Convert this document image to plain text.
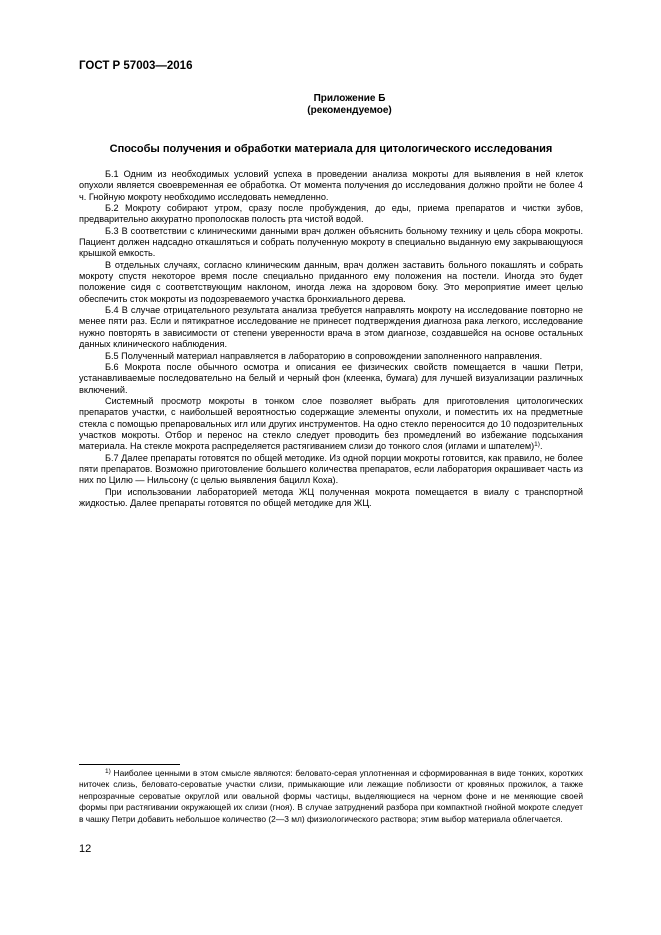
ГОСТ Р 57003—2016
Приложение Б
(рекомендуемое)
Способы получения и обработки материала для цитологического исследования

Б.1 Одним из необходимых условий успеха в проведении анализа мокроты для выявления в ней клеток опухоли является своевременная ее обработка. От момента получения до исследования должно пройти не более 4 ч. Гнойную мокроту необходимо исследовать немедленно.

Б.2 Мокроту собирают утром, сразу после пробуждения, до еды, приема препаратов и чистки зубов, предварительно аккуратно прополоскав полость рта чистой водой.

Б.3 В соответствии с клиническими данными врач должен объяснить больному технику и цель сбора мокроты. Пациент должен надсадно откашляться и собрать полученную мокроту в специально выданную ему закрывающуюся крышкой емкость.

В отдельных случаях, согласно клиническим данным, врач должен заставить больного покашлять и собрать мокроту спустя некоторое время после специально приданного ему положения на постели. Иногда это будет положение сидя с соответствующим наклоном, иногда лежа на здоровом боку. Это мероприятие имеет целью обеспечить сток мокроты из подозреваемого участка бронхиального дерева.

Б.4 В случае отрицательного результата анализа требуется направлять мокроту на исследование повторно не менее пяти раз. Если и пятикратное исследование не принесет подтверждения диагноза рака легкого, исследование нужно повторять в зависимости от степени уверенности врача в этом диагнозе, создавшейся на основе остальных данных клинического наблюдения.

Б.5 Полученный материал направляется в лабораторию в сопровождении заполненного направления.

Б.6 Мокрота после обычного осмотра и описания ее физических свойств помещается в чашки Петри, устанавливаемые последовательно на белый и черный фон (клеенка, бумага) для лучшей визуализации различных включений.

Системный просмотр мокроты в тонком слое позволяет выбрать для приготовления цитологических препаратов участки, с наибольшей вероятностью содержащие элементы опухоли, и поместить их на предметные стекла с помощью препаровальных игл или других инструментов. На одно стекло переносится до 10 подозрительных участков мокроты. Отбор и перенос на стекло следует проводить без промедлений во избежание подсыхания материала. На стекле мокрота распределяется растягиванием слизи до тонкого слоя (иглами и шпателем)$^{1)}$.

Б.7 Далее препараты готовятся по общей методике. Из одной порции мокроты готовится, как правило, не более пяти препаратов. Возможно приготовление большего количества препаратов, если лаборатория окрашивает часть из них по Цилю — Нильсону (с целью выявления бацилл Коха).

При использовании лабораторией метода ЖЦ полученная мокрота помещается в виалу с транспортной жидкостью. Далее препараты готовятся по общей методике для ЖЦ.

$^{1)}$ Наиболее ценными в этом смысле являются: беловато-серая уплотненная и сформированная в виде тонких, коротких ниточек слизь, беловато-сероватые участки слизи, примыкающие или лежащие поблизости от кровяных прожилок, а также непрозрачные сероватые округлой или овальной формы частицы, выделяющиеся на черном фоне и не меняющие своей формы при растягивании окружающей их слизи (гноя). В случае затруднений разбора при компактной гнойной мокроте следует в чашку Петри добавить небольшое количество (2—3 мл) физиологического раствора; этим выбор материала облегчается.

12
